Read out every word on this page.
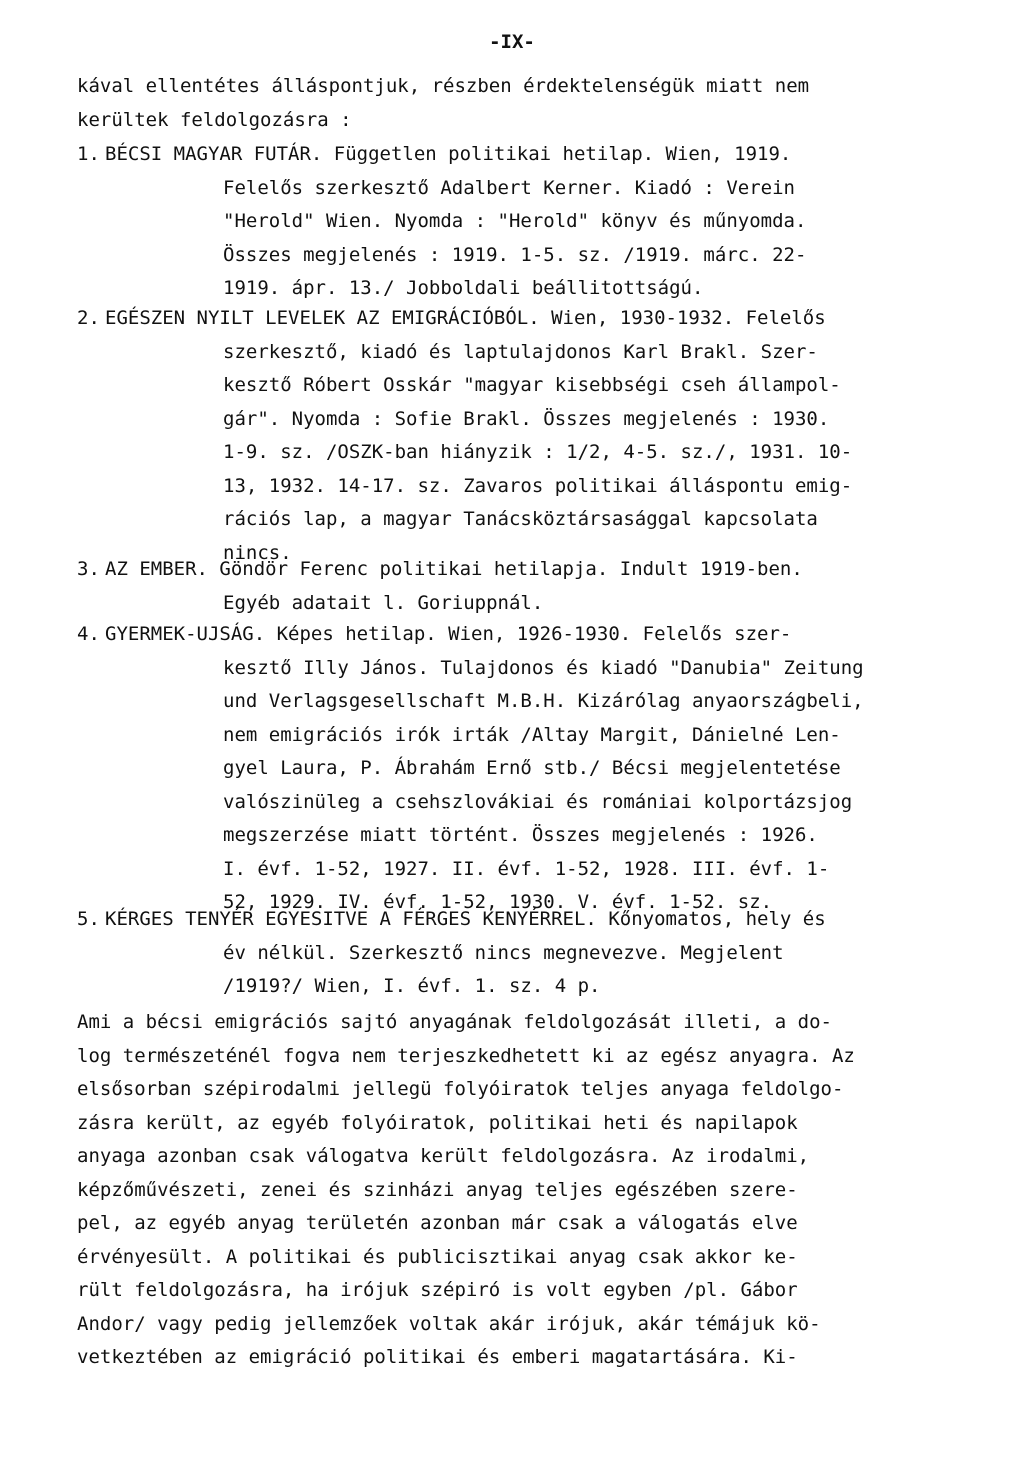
-IX-
kával ellentétes álláspontjuk, részben érdektelenségük miatt nem
kerültek feldolgozásra :
1. BÉCSI MAGYAR FUTÁR. Független politikai hetilap. Wien, 1919.
Felelős szerkesztő Adalbert Kerner. Kiadó : Verein
"Herold" Wien. Nyomda : "Herold" könyv és műnyomda.
Összes megjelenés : 1919. 1-5. sz. /1919. márc. 22-
1919. ápr. 13./ Jobboldali beállitottságú.
2. EGÉSZEN NYILT LEVELEK AZ EMIGRÁCIÓBÓL. Wien, 1930-1932. Felelős
szerkesztő, kiadó és laptulajdonos Karl Brakl. Szer-
kesztő Róbert Osskár "magyar kisebbségi cseh állampol-
gár". Nyomda : Sofie Brakl. Összes megjelenés : 1930.
1-9. sz. /OSZK-ban hiányzik : 1/2, 4-5. sz./, 1931. 10-
13, 1932. 14-17. sz. Zavaros politikai álláspontu emig-
rációs lap, a magyar Tanácsköztársasággal kapcsolata
nincs.
3. AZ EMBER. Göndör Ferenc politikai hetilapja. Indult 1919-ben.
Egyéb adatait l. Goriuppnál.
4. GYERMEK-UJSÁG. Képes hetilap. Wien, 1926-1930. Felelős szer-
kesztő Illy János. Tulajdonos és kiadó "Danubia" Zeitung
und Verlagsgesellschaft M.B.H. Kizárólag anyaországbeli,
nem emigrációs irók irták /Altay Margit, Dánielné Len-
gyel Laura, P. Ábrahám Ernő stb./ Bécsi megjelentetése
valószinüleg a csehszlovákiai és romániai kolportázsjog
megszerzése miatt történt. Összes megjelenés : 1926.
I. évf. 1-52, 1927. II. évf. 1-52, 1928. III. évf. 1-
52, 1929. IV. évf. 1-52, 1930. V. évf. 1-52. sz.
5. KÉRGES TENYÉR EGYESITVE A FÉRGES KENYÉRREL. Kőnyomatos, hely és
év nélkül. Szerkesztő nincs megnevezve. Megjelent
/1919?/ Wien, I. évf. 1. sz. 4 p.
Ami a bécsi emigrációs sajtó anyagának feldolgozását illeti, a do-
log természeténél fogva nem terjeszkedhetett ki az egész anyagra. Az
elsősorban szépirodalmi jellegü folyóiratok teljes anyaga feldolgo-
zásra került, az egyéb folyóiratok, politikai heti és napilapok
anyaga azonban csak válogatva került feldolgozásra. Az irodalmi,
képzőművészeti, zenei és szinházi anyag teljes egészében szere-
pel, az egyéb anyag területén azonban már csak a válogatás elve
érvényesült. A politikai és publicisztikai anyag csak akkor ke-
rült feldolgozásra, ha irójuk szépiró is volt egyben /pl. Gábor
Andor/ vagy pedig jellemzőek voltak akár irójuk, akár témájuk kö-
vetkeztében az emigráció politikai és emberi magatartására. Ki-
